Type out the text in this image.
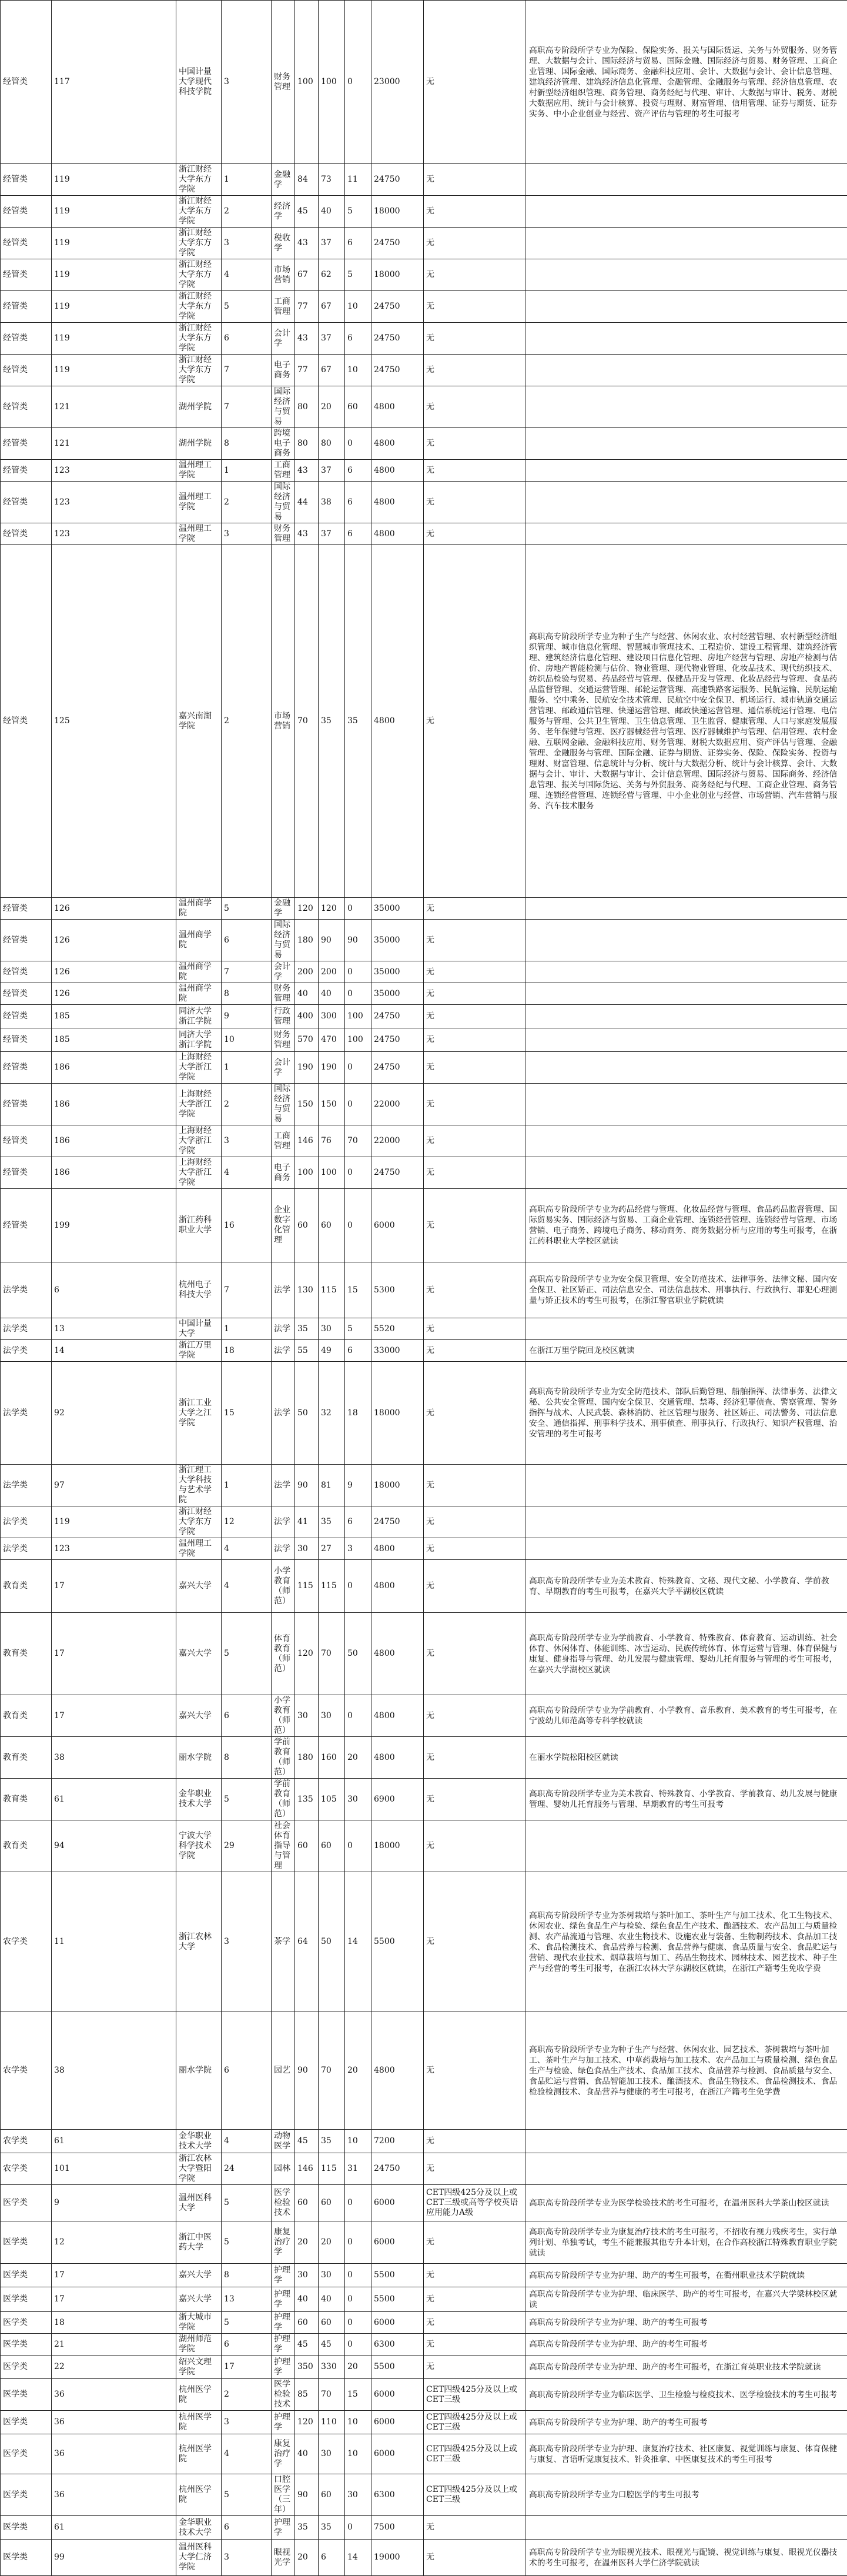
经管类	117	中国计量大学现代科技学院	3	财务管理	100	100	0	23000	无	高职高专阶段所学专业为保险、保险实务、报关与国际货运、关务与外贸服务、财务管理、大数据与会计、国际经济与贸易、国际金融、国际经济与贸易、财务管理、工商企业管理、国际金融、国际商务、金融科技应用、会计、大数据与会计、会计信息管理、建筑经济管理、建筑经济信息化管理、金融管理、金融服务与管理、经济信息管理、农村新型经济组织管理、商务管理、商务经纪与代理、审计、大数据与审计、税务、财税大数据应用、统计与会计核算、投资与理财、财富管理、信用管理、证券与期货、证券实务、中小企业创业与经营、资产评估与管理的考生可报考
经管类	119	浙江财经大学东方学院	1	金融学	84	73	11	24750	无	
经管类	119	浙江财经大学东方学院	2	经济学	45	40	5	18000	无	
经管类	119	浙江财经大学东方学院	3	税收学	43	37	6	24750	无	
经管类	119	浙江财经大学东方学院	4	市场营销	67	62	5	18000	无	
经管类	119	浙江财经大学东方学院	5	工商管理	77	67	10	24750	无	
经管类	119	浙江财经大学东方学院	6	会计学	43	37	6	24750	无	
经管类	119	浙江财经大学东方学院	7	电子商务	77	67	10	24750	无	
经管类	121	湖州学院	7	国际经济与贸易	80	20	60	4800	无	
经管类	121	湖州学院	8	跨境电子商务	80	80	0	4800	无	
经管类	123	温州理工学院	1	工商管理	43	37	6	4800	无	
经管类	123	温州理工学院	2	国际经济与贸易	44	38	6	4800	无	
经管类	123	温州理工学院	3	财务管理	43	37	6	4800	无	
经管类	125	嘉兴南湖学院	2	市场营销	70	35	35	4800	无	高职高专阶段所学专业为种子生产与经营、休闲农业、农村经营管理、农村新型经济组织管理、城市信息化管理、智慧城市管理技术、工程造价、建设工程管理、建筑经济管理、建筑经济信息化管理、建设项目信息化管理、房地产经营与管理、房地产检测与估价、房地产智能检测与估价、物业管理、现代物业管理、化妆品技术、现代纺织技术、纺织品检验与贸易、药品经营与管理、保健品开发与管理、化妆品经营与管理、食品药品监督管理、交通运营管理、邮轮运营管理、高速铁路客运服务、民航运输、民航运输服务、空中乘务、民航安全技术管理、民航空中安全保卫、机场运行、城市轨道交通运营管理、邮政通信管理、快递运营管理、邮政快递运营管理、通信系统运行管理、电信服务与管理、公共卫生管理、卫生信息管理、卫生监督、健康管理、人口与家庭发展服务、老年保健与管理、医疗器械经营与管理、医疗器械维护与管理、信用管理、农村金融、互联网金融、金融科技应用、财务管理、财税大数据应用、资产评估与管理、金融管理、金融服务与管理、国际金融、证券与期货、证券实务、保险、保险实务、投资与理财、财富管理、信息统计与分析、统计与大数据分析、统计与会计核算、会计、大数据与会计、审计、大数据与审计、会计信息管理、国际经济与贸易、国际商务、经济信息管理、报关与国际货运、关务与外贸服务、商务经纪与代理、工商企业管理、商务管理、连锁经营管理、连锁经营与管理、中小企业创业与经营、市场营销、汽车营销与服务、汽车技术服务
经管类	126	温州商学院	5	金融学	120	120	0	35000	无	
经管类	126	温州商学院	6	国际经济与贸易	180	90	90	35000	无	
经管类	126	温州商学院	7	会计学	200	200	0	35000	无	
经管类	126	温州商学院	8	财务管理	40	40	0	35000	无	
经管类	185	同济大学浙江学院	9	行政管理	400	300	100	24750	无	
经管类	185	同济大学浙江学院	10	财务管理	570	470	100	24750	无	
经管类	186	上海财经大学浙江学院	1	会计学	190	190	0	24750	无	
经管类	186	上海财经大学浙江学院	2	国际经济与贸易	150	150	0	22000	无	
经管类	186	上海财经大学浙江学院	3	工商管理	146	76	70	22000	无	
经管类	186	上海财经大学浙江学院	4	电子商务	100	100	0	24750	无	
经管类	199	浙江药科职业大学	16	企业数字化管理	60	60	0	6000	无	高职高专阶段所学专业为药品经营与管理、化妆品经营与管理、食品药品监督管理、国际贸易实务、国际经济与贸易、工商企业管理、连锁经营管理、连锁经营与管理、市场营销、电子商务、跨境电子商务、移动商务、商务数据分析与应用的考生可报考，在浙江药科职业大学校区就读
法学类	6	杭州电子科技大学	7	法学	130	115	15	5300	无	高职高专阶段所学专业为安全保卫管理、安全防范技术、法律事务、法律文秘、国内安全保卫、社区矫正、司法信息安全、司法信息技术、刑事执行、行政执行、罪犯心理测量与矫正技术的考生可报考，在浙江警官职业学院就读
法学类	13	中国计量大学	1	法学	35	30	5	5520	无	
法学类	14	浙江万里学院	18	法学	55	49	6	33000	无	在浙江万里学院回龙校区就读
法学类	92	浙江工业大学之江学院	15	法学	50	32	18	18000	无	高职高专阶段所学专业为安全防范技术、部队后勤管理、船舶指挥、法律事务、法律文秘、公共安全管理、国内安全保卫、交通管理、禁毒、经济犯罪侦查、警察管理、警务指挥与战术、人民武装、森林消防、社区管理与服务、社区矫正、司法警务、司法信息安全、通信指挥、刑事科学技术、刑事侦查、刑事执行、行政执行、知识产权管理、治安管理的考生可报考
法学类	97	浙江理工大学科技与艺术学院	1	法学	90	81	9	18000	无	
法学类	119	浙江财经大学东方学院	12	法学	41	35	6	24750	无	
法学类	123	温州理工学院	4	法学	30	27	3	4800	无	
教育类	17	嘉兴大学	4	小学教育（师范）	115	115	0	4800	无	高职高专阶段所学专业为美术教育、特殊教育、文秘、现代文秘、小学教育、学前教育、早期教育的考生可报考，在嘉兴大学平湖校区就读
教育类	17	嘉兴大学	5	体育教育（师范）	120	70	50	4800	无	高职高专阶段所学专业为学前教育、小学教育、特殊教育、体育教育、运动训练、社会体育、休闲体育、体能训练、冰雪运动、民族传统体育、体育运营与管理、体育保健与康复、健身指导与管理、幼儿发展与健康管理、婴幼儿托育服务与管理的考生可报考，在嘉兴大学湖校区就读
教育类	17	嘉兴大学	6	小学教育（师范）	30	30	0	4800	无	高职高专阶段所学专业为学前教育、小学教育、音乐教育、美术教育的考生可报考，在宁波幼儿师范高等专科学校就读
教育类	38	丽水学院	8	学前教育（师范）	180	160	20	4800	无	在丽水学院松阳校区就读
教育类	61	金华职业技术大学	5	学前教育（师范）	135	105	30	6900	无	高职高专阶段所学专业为美术教育、特殊教育、小学教育、学前教育、幼儿发展与健康管理、婴幼儿托育服务与管理、早期教育的考生可报考
教育类	94	宁波大学科学技术学院	29	社会体育指导与管理	60	60	0	18000	无	
农学类	11	浙江农林大学	3	茶学	64	50	14	5500	无	高职高专阶段所学专业为茶树栽培与茶叶加工、茶叶生产与加工技术、化工生物技术、休闲农业、绿色食品生产与检验、绿色食品生产技术、酿酒技术、农产品加工与质量检测、农产品流通与管理、农业生物技术、设施农业与装备、生物制药技术、食品加工技术、食品检测技术、食品营养与检测、食品营养与健康、食品质量与安全、食品贮运与营销、现代农业技术、烟草栽培与加工、药品生物技术、园林技术、园艺技术、种子生产与经营的考生可报考，在浙江农林大学东湖校区就读，在浙江产籍考生免收学费
农学类	38	丽水学院	6	园艺	90	70	20	4800	无	高职高专阶段所学专业为种子生产与经营、休闲农业、园艺技术、茶树栽培与茶叶加工、茶叶生产与加工技术、中草药栽培与加工技术、农产品加工与质量检测、绿色食品生产与检验、绿色食品生产技术、食品加工技术、食品营养与检测、食品质量与安全、食品贮运与营销、食品智能加工技术、酿酒技术、食品生物技术、食品检测技术、食品检验检测技术、食品营养与健康的考生可报考，在浙江产籍考生免学费
农学类	61	金华职业技术大学	4	动物医学	45	35	10	7200	无	
农学类	101	浙江农林大学暨阳学院	24	园林	146	115	31	24750	无	
医学类	9	温州医科大学	5	医学检验技术	60	60	0	6000	CET四级425分及以上或CET三级或高等学校英语应用能力A级	高职高专阶段所学专业为医学检验技术的考生可报考，在温州医科大学茶山校区就读
医学类	12	浙江中医药大学	5	康复治疗学	20	20	0	6000	无	高职高专阶段所学专业为康复治疗技术的考生可报考，不招收有视力残疾考生，实行单列计划、单独考试，考生不能兼报其他专升本计划，在合作高校浙江特殊教育职业学院就读
医学类	17	嘉兴大学	8	护理学	30	30	0	5500	无	高职高专阶段所学专业为护理、助产的考生可报考，在衢州职业技术学院就读
医学类	17	嘉兴大学	13	护理学	40	40	0	5500	无	高职高专阶段所学专业为护理、临床医学、助产的考生可报考，在嘉兴大学梁林校区就读
医学类	18	浙大城市学院	5	护理学	60	60	0	6000	无	高职高专阶段所学专业为护理、助产的考生可报考
医学类	21	湖州师范学院	6	护理学	45	45	0	6300	无	高职高专阶段所学专业为护理、助产的考生可报考
医学类	22	绍兴文理学院	17	护理学	350	330	20	5500	无	高职高专阶段所学专业为护理、助产的考生可报考，在浙江育英职业技术学院就读
医学类	36	杭州医学院	2	医学检验技术	85	70	15	6000	CET四级425分及以上或CET三级	高职高专阶段所学专业为临床医学、卫生检验与检疫技术、医学检验技术的考生可报考
医学类	36	杭州医学院	3	护理学	120	110	10	6000	CET四级425分及以上或CET三级	高职高专阶段所学专业为护理、助产的考生可报考
医学类	36	杭州医学院	4	康复治疗学	40	30	10	6000	CET四级425分及以上或CET三级	高职高专阶段所学专业为护理、康复治疗技术、社区康复、视觉训练与康复、体育保健与康复、言语听觉康复技术、针灸推拿、中医康复技术的考生可报考
医学类	36	杭州医学院	5	口腔医学（三年）	90	60	30	6300	CET四级425分及以上或CET三级	高职高专阶段所学专业为口腔医学的考生可报考
医学类	61	金华职业技术大学	6	护理学	35	35	0	7500	无	
医学类	99	温州医科大学仁济学院	3	眼视光学	20	6	14	19000	无	高职高专阶段所学专业为眼视光技术、眼视光与配镜、视觉训练与康复、眼视光仪器技术的考生可报考，在温州医科大学仁济学院就读
